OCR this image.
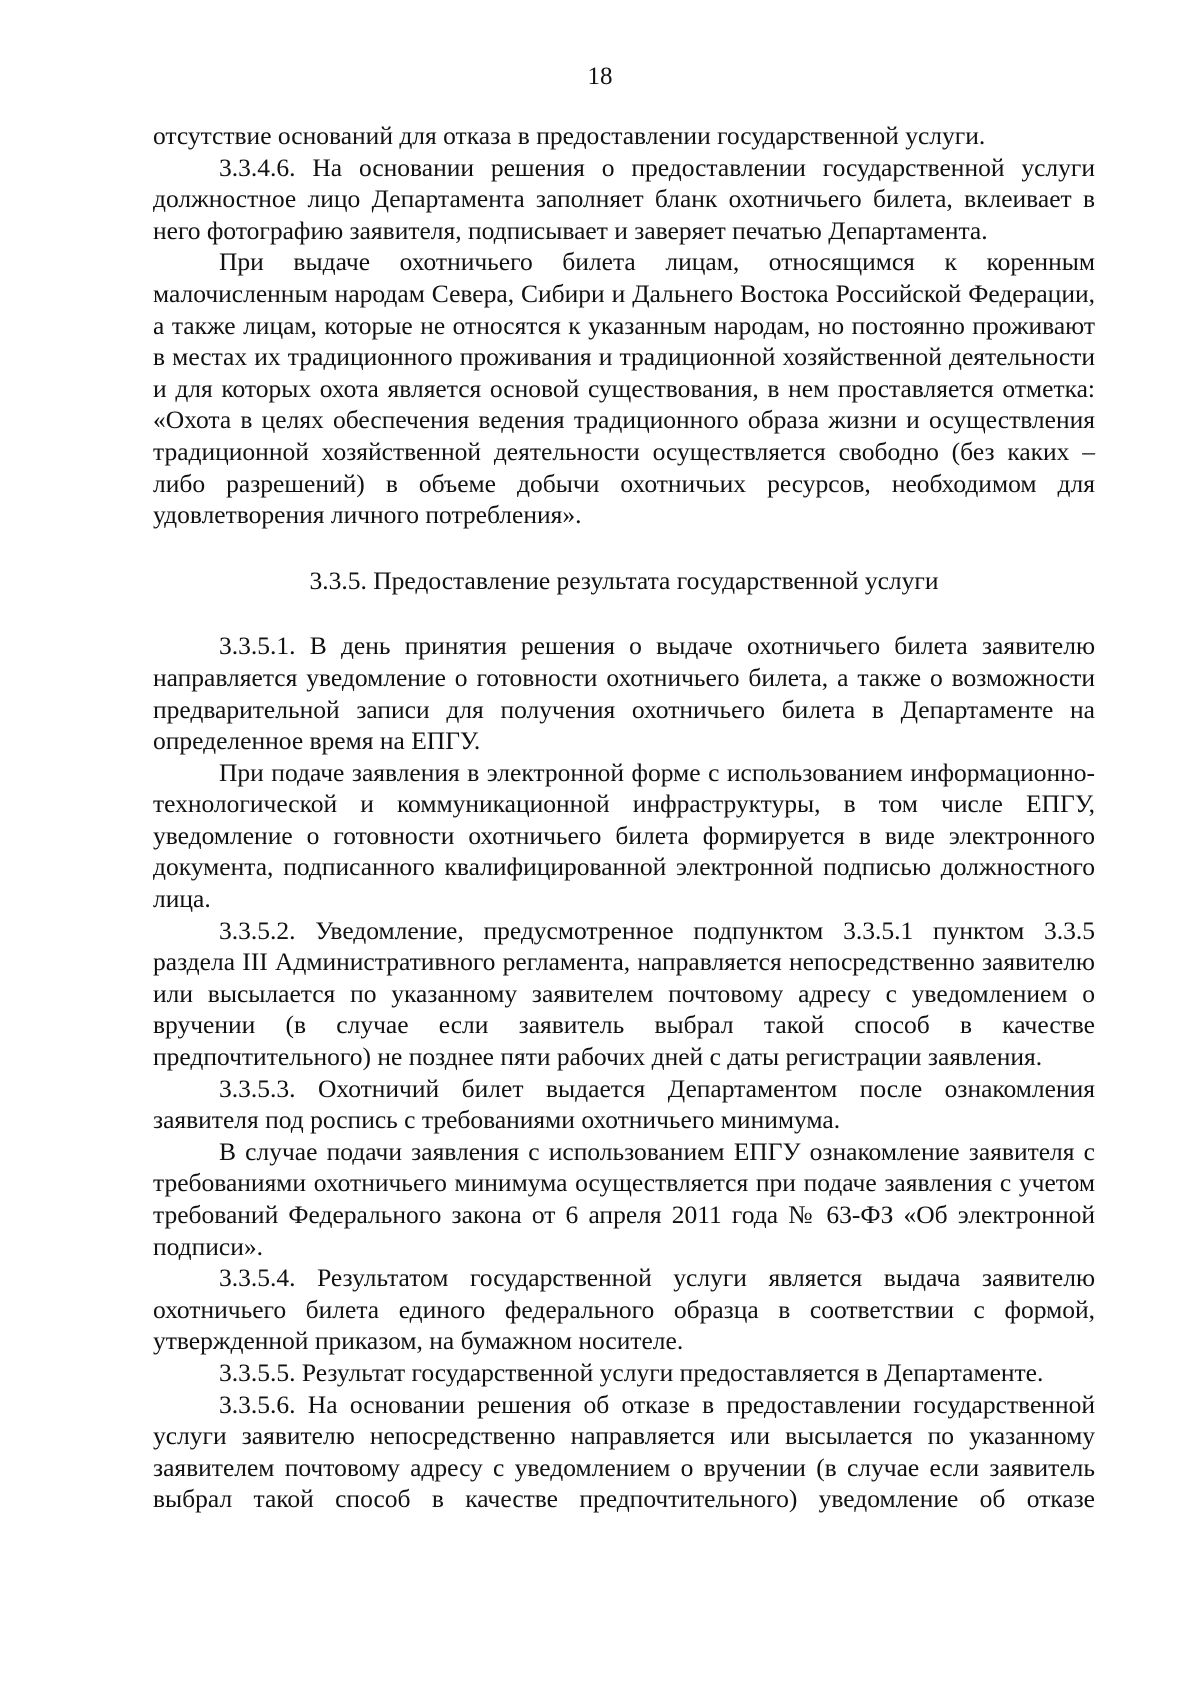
18

отсутствие оснований для отказа в предоставлении государственной услуги.

3.3.4.6. На основании решения о предоставлении государственной услуги должностное лицо Департамента заполняет бланк охотничьего билета, вклеивает в него фотографию заявителя, подписывает и заверяет печатью Департамента.

При выдаче охотничьего билета лицам, относящимся к коренным малочисленным народам Севера, Сибири и Дальнего Востока Российской Федерации, а также лицам, которые не относятся к указанным народам, но постоянно проживают в местах их традиционного проживания и традиционной хозяйственной деятельности и для которых охота является основой существования, в нем проставляется отметка: «Охота в целях обеспечения ведения традиционного образа жизни и осуществления традиционной хозяйственной деятельности осуществляется свободно (без каких – либо разрешений) в объеме добычи охотничьих ресурсов, необходимом для удовлетворения личного потребления».

3.3.5. Предоставление результата государственной услуги

3.3.5.1. В день принятия решения о выдаче охотничьего билета заявителю направляется уведомление о готовности охотничьего билета, а также о возможности предварительной записи для получения охотничьего билета в Департаменте на определенное время на ЕПГУ.

При подаче заявления в электронной форме с использованием информационно-технологической и коммуникационной инфраструктуры, в том числе ЕПГУ, уведомление о готовности охотничьего билета формируется в виде электронного документа, подписанного квалифицированной электронной подписью должностного лица.

3.3.5.2. Уведомление, предусмотренное подпунктом 3.3.5.1 пунктом 3.3.5 раздела III Административного регламента, направляется непосредственно заявителю или высылается по указанному заявителем почтовому адресу с уведомлением о вручении (в случае если заявитель выбрал такой способ в качестве предпочтительного) не позднее пяти рабочих дней с даты регистрации заявления.

3.3.5.3. Охотничий билет выдается Департаментом после ознакомления заявителя под роспись с требованиями охотничьего минимума.

В случае подачи заявления с использованием ЕПГУ ознакомление заявителя с требованиями охотничьего минимума осуществляется при подаче заявления с учетом требований Федерального закона от 6 апреля 2011 года № 63-ФЗ «Об электронной подписи».

3.3.5.4. Результатом государственной услуги является выдача заявителю охотничьего билета единого федерального образца в соответствии с формой, утвержденной приказом, на бумажном носителе.

3.3.5.5. Результат государственной услуги предоставляется в Департаменте.

3.3.5.6. На основании решения об отказе в предоставлении государственной услуги заявителю непосредственно направляется или высылается по указанному заявителем почтовому адресу с уведомлением о вручении (в случае если заявитель выбрал такой способ в качестве предпочтительного) уведомление об отказе
